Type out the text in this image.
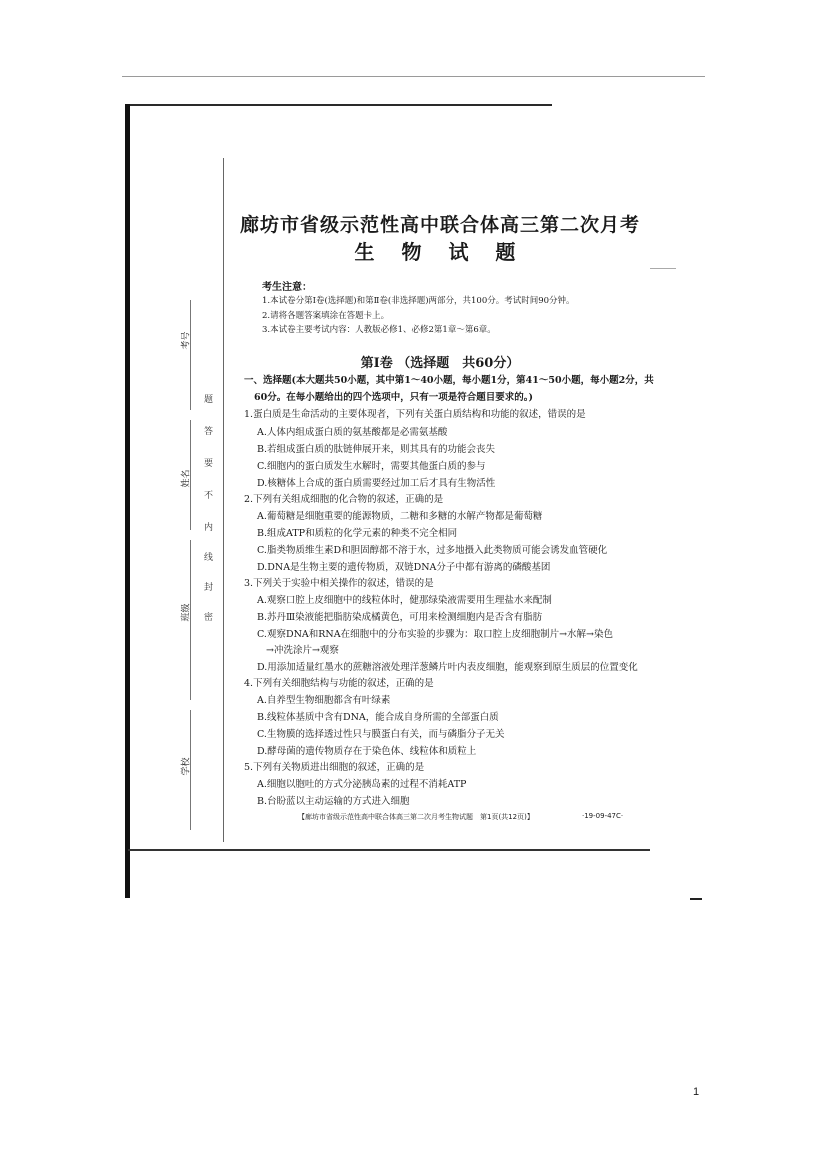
考号
姓名
班级
学校
题
答
要
不
内
线
封
密
廊坊市省级示范性高中联合体高三第二次月考
生 物 试 题
考生注意：
1.本试卷分第Ⅰ卷(选择题)和第Ⅱ卷(非选择题)两部分，共100分。考试时间90分钟。
2.请将各题答案填涂在答题卡上。
3.本试卷主要考试内容：人教版必修1、必修2第1章～第6章。
第Ⅰ卷 （选择题　共60分）
一、选择题(本大题共50小题，其中第1～40小题，每小题1分，第41～50小题，每小题2分，共
60分。在每小题给出的四个选项中，只有一项是符合题目要求的。)
1.蛋白质是生命活动的主要体现者，下列有关蛋白质结构和功能的叙述，错误的是
A.人体内组成蛋白质的氨基酸都是必需氨基酸
B.若组成蛋白质的肽链伸展开来，则其具有的功能会丧失
C.细胞内的蛋白质发生水解时，需要其他蛋白质的参与
D.核糖体上合成的蛋白质需要经过加工后才具有生物活性
2.下列有关组成细胞的化合物的叙述，正确的是
A.葡萄糖是细胞重要的能源物质，二糖和多糖的水解产物都是葡萄糖
B.组成ATP和质粒的化学元素的种类不完全相同
C.脂类物质维生素D和胆固醇都不溶于水，过多地摄入此类物质可能会诱发血管硬化
D.DNA是生物主要的遗传物质，双链DNA分子中都有游离的磷酸基团
3.下列关于实验中相关操作的叙述，错误的是
A.观察口腔上皮细胞中的线粒体时，健那绿染液需要用生理盐水来配制
B.苏丹Ⅲ染液能把脂肪染成橘黄色，可用来检测细胞内是否含有脂肪
C.观察DNA和RNA在细胞中的分布实验的步骤为：取口腔上皮细胞制片→水解→染色
→冲洗涂片→观察
D.用添加适量红墨水的蔗糖溶液处理洋葱鳞片叶内表皮细胞，能观察到原生质层的位置变化
4.下列有关细胞结构与功能的叙述，正确的是
A.自养型生物细胞都含有叶绿素
B.线粒体基质中含有DNA，能合成自身所需的全部蛋白质
C.生物膜的选择透过性只与膜蛋白有关，而与磷脂分子无关
D.酵母菌的遗传物质存在于染色体、线粒体和质粒上
5.下列有关物质进出细胞的叙述，正确的是
A.细胞以胞吐的方式分泌胰岛素的过程不消耗ATP
B.台盼蓝以主动运输的方式进入细胞
【廊坊市省级示范性高中联合体高三第二次月考生物试题　第1页(共12页)】	·19-09-47C·
1
